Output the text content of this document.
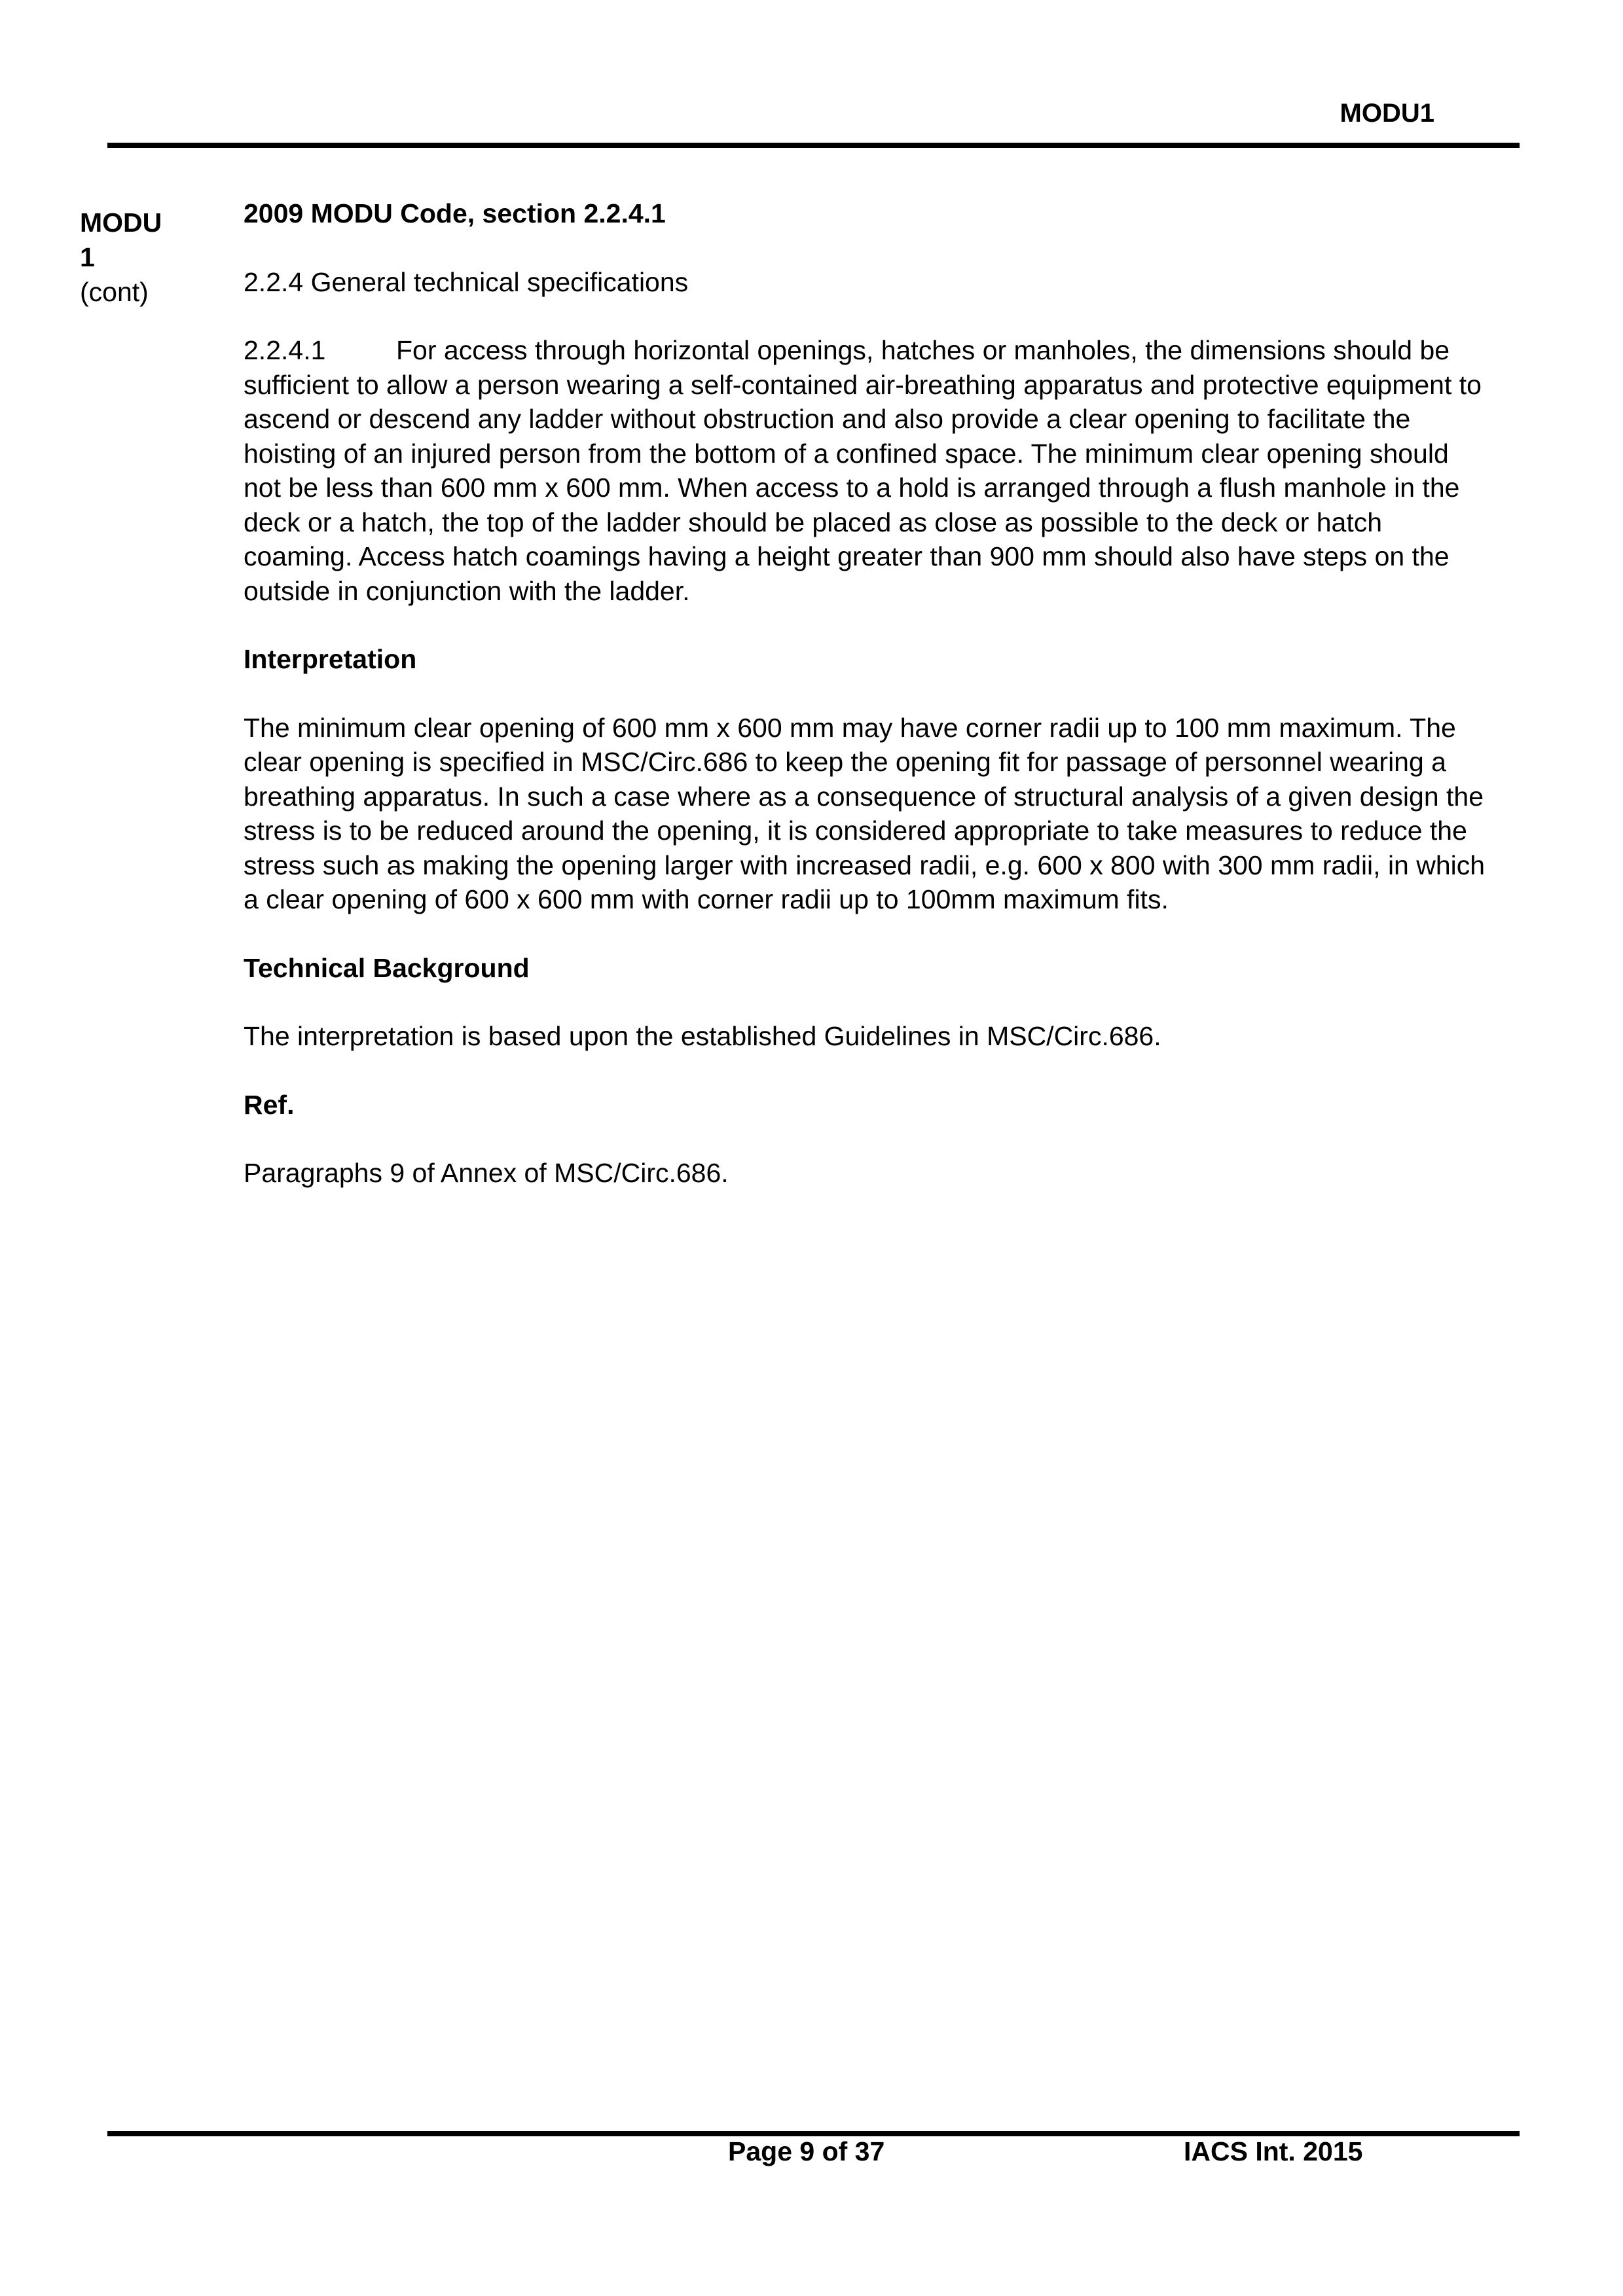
MODU1
MODU
1
(cont)
2009 MODU Code, section 2.2.4.1

2.2.4 General technical specifications

2.2.4.1	For access through horizontal openings, hatches or manholes, the dimensions should be sufficient to allow a person wearing a self-contained air-breathing apparatus and protective equipment to ascend or descend any ladder without obstruction and also provide a clear opening to facilitate the hoisting of an injured person from the bottom of a confined space. The minimum clear opening should not be less than 600 mm x 600 mm. When access to a hold is arranged through a flush manhole in the deck or a hatch, the top of the ladder should be placed as close as possible to the deck or hatch coaming. Access hatch coamings having a height greater than 900 mm should also have steps on the outside in conjunction with the ladder.

Interpretation

The minimum clear opening of 600 mm x 600 mm may have corner radii up to 100 mm maximum. The clear opening is specified in MSC/Circ.686 to keep the opening fit for passage of personnel wearing a breathing apparatus. In such a case where as a consequence of structural analysis of a given design the stress is to be reduced around the opening, it is considered appropriate to take measures to reduce the stress such as making the opening larger with increased radii, e.g. 600 x 800 with 300 mm radii, in which a clear opening of 600 x 600 mm with corner radii up to 100mm maximum fits.

Technical Background

The interpretation is based upon the established Guidelines in MSC/Circ.686.

Ref.

Paragraphs 9 of Annex of MSC/Circ.686.

Page 9 of 37	IACS Int. 2015
